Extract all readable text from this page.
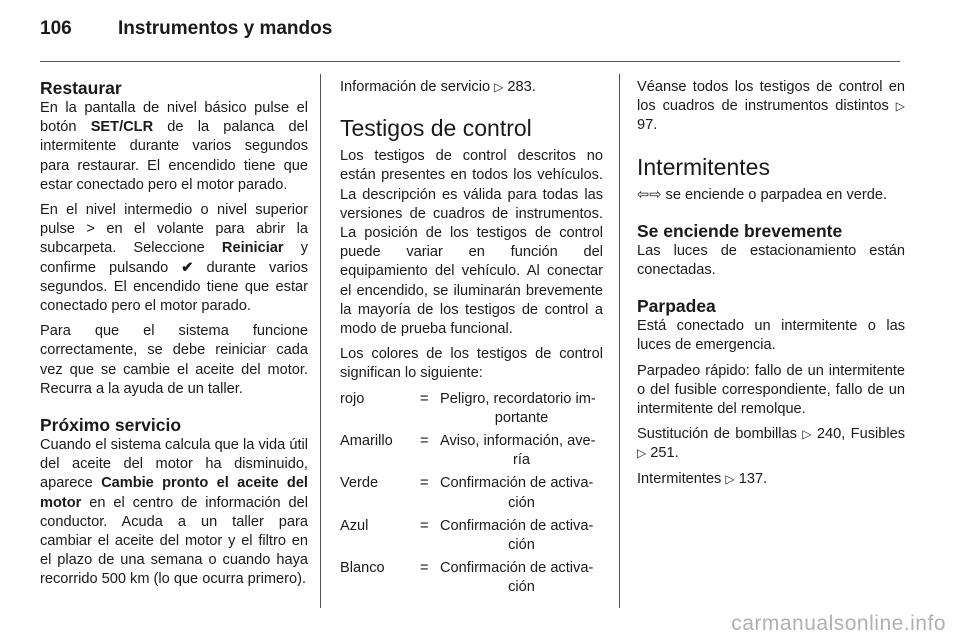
106 Instrumentos y mandos
Restaurar

En la pantalla de nivel básico pulse el botón SET/CLR de la palanca del intermitente durante varios segundos para restaurar. El encendido tiene que estar conectado pero el motor parado.

En el nivel intermedio o nivel superior pulse > en el volante para abrir la subcarpeta. Seleccione Reiniciar y confirme pulsando ✔ durante varios segundos. El encendido tiene que estar conectado pero el motor parado.

Para que el sistema funcione correctamente, se debe reiniciar cada vez que se cambie el aceite del motor. Recurra a la ayuda de un taller.

Próximo servicio

Cuando el sistema calcula que la vida útil del aceite del motor ha disminuido, aparece Cambie pronto el aceite del motor en el centro de información del conductor. Acuda a un taller para cambiar el aceite del motor y el filtro en el plazo de una semana o cuando haya recorrido 500 km (lo que ocurra primero).

Información de servicio ▷ 283.

Testigos de control

Los testigos de control descritos no están presentes en todos los vehículos. La descripción es válida para todas las versiones de cuadros de instrumentos. La posición de los testigos de control puede variar en función del equipamiento del vehículo. Al conectar el encendido, se iluminarán brevemente la mayoría de los testigos de control a modo de prueba funcional.

Los colores de los testigos de control significan lo siguiente:

rojo	= Peligro, recordatorio im-
portante
Amarillo	= Aviso, información, ave-
ría
Verde	= Confirmación de activa-
ción
Azul	= Confirmación de activa-
ción
Blanco	= Confirmación de activa-
ción

Véanse todos los testigos de control en los cuadros de instrumentos distintos ▷ 97.

Intermitentes

⇦⇨ se enciende o parpadea en verde.

Se enciende brevemente

Las luces de estacionamiento están conectadas.

Parpadea

Está conectado un intermitente o las luces de emergencia.

Parpadeo rápido: fallo de un intermitente o del fusible correspondiente, fallo de un intermitente del remolque.

Sustitución de bombillas ▷ 240, Fusibles ▷ 251.

Intermitentes ▷ 137.

carmanualsonline.info
